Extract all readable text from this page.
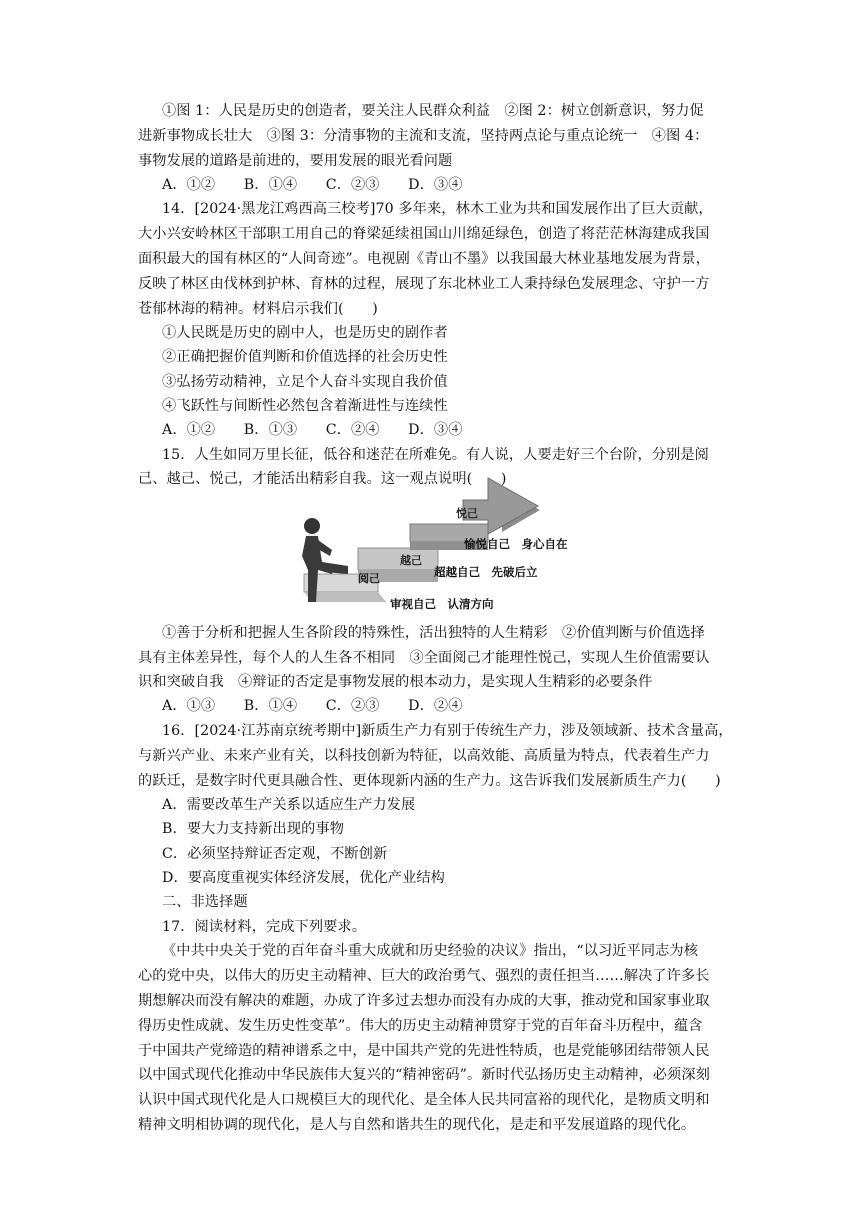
①图 1：人民是历史的创造者，要关注人民群众利益　②图 2：树立创新意识，努力促
进新事物成长壮大　③图 3：分清事物的主流和支流，坚持两点论与重点论统一　④图 4：
事物发展的道路是前进的，要用发展的眼光看问题
A．①②　　B．①④　　C．②③　　D．③④
14．[2024·黑龙江鸡西高三校考]70 多年来，林木工业为共和国发展作出了巨大贡献，
大小兴安岭林区干部职工用自己的脊梁延续祖国山川绵延绿色，创造了将茫茫林海建成我国
面积最大的国有林区的“人间奇迹”。电视剧《青山不墨》以我国最大林业基地发展为背景，
反映了林区由伐林到护林、育林的过程，展现了东北林业工人秉持绿色发展理念、守护一方
苍郁林海的精神。材料启示我们(　　)
①人民既是历史的剧中人，也是历史的剧作者
②正确把握价值判断和价值选择的社会历史性
③弘扬劳动精神，立足个人奋斗实现自我价值
④飞跃性与间断性必然包含着渐进性与连续性
A．①②　　B．①③　　C．②④　　D．③④
15．人生如同万里长征，低谷和迷茫在所难免。有人说，人要走好三个台阶，分别是阅
己、越己、悦己，才能活出精彩自我。这一观点说明(　　)
阅己
越己
悦己
审视自己　认清方向
超越自己　先破后立
愉悦自己　身心自在
①善于分析和把握人生各阶段的特殊性，活出独特的人生精彩　②价值判断与价值选择
具有主体差异性，每个人的人生各不相同　③全面阅己才能理性悦己，实现人生价值需要认
识和突破自我　④辩证的否定是事物发展的根本动力，是实现人生精彩的必要条件
A．①③　　B．①④　　C．②③　　D．②④
16．[2024·江苏南京统考期中]新质生产力有别于传统生产力，涉及领域新、技术含量高，
与新兴产业、未来产业有关，以科技创新为特征，以高效能、高质量为特点，代表着生产力
的跃迁，是数字时代更具融合性、更体现新内涵的生产力。这告诉我们发展新质生产力(　　)
A．需要改革生产关系以适应生产力发展
B．要大力支持新出现的事物
C．必须坚持辩证否定观，不断创新
D．要高度重视实体经济发展，优化产业结构
二、非选择题
17．阅读材料，完成下列要求。
《中共中央关于党的百年奋斗重大成就和历史经验的决议》指出，“以习近平同志为核
心的党中央，以伟大的历史主动精神、巨大的政治勇气、强烈的责任担当……解决了许多长
期想解决而没有解决的难题，办成了许多过去想办而没有办成的大事，推动党和国家事业取
得历史性成就、发生历史性变革”。伟大的历史主动精神贯穿于党的百年奋斗历程中，蕴含
于中国共产党缔造的精神谱系之中，是中国共产党的先进性特质，也是党能够团结带领人民
以中国式现代化推动中华民族伟大复兴的“精神密码”。新时代弘扬历史主动精神，必须深刻
认识中国式现代化是人口规模巨大的现代化、是全体人民共同富裕的现代化，是物质文明和
精神文明相协调的现代化，是人与自然和谐共生的现代化，是走和平发展道路的现代化。
